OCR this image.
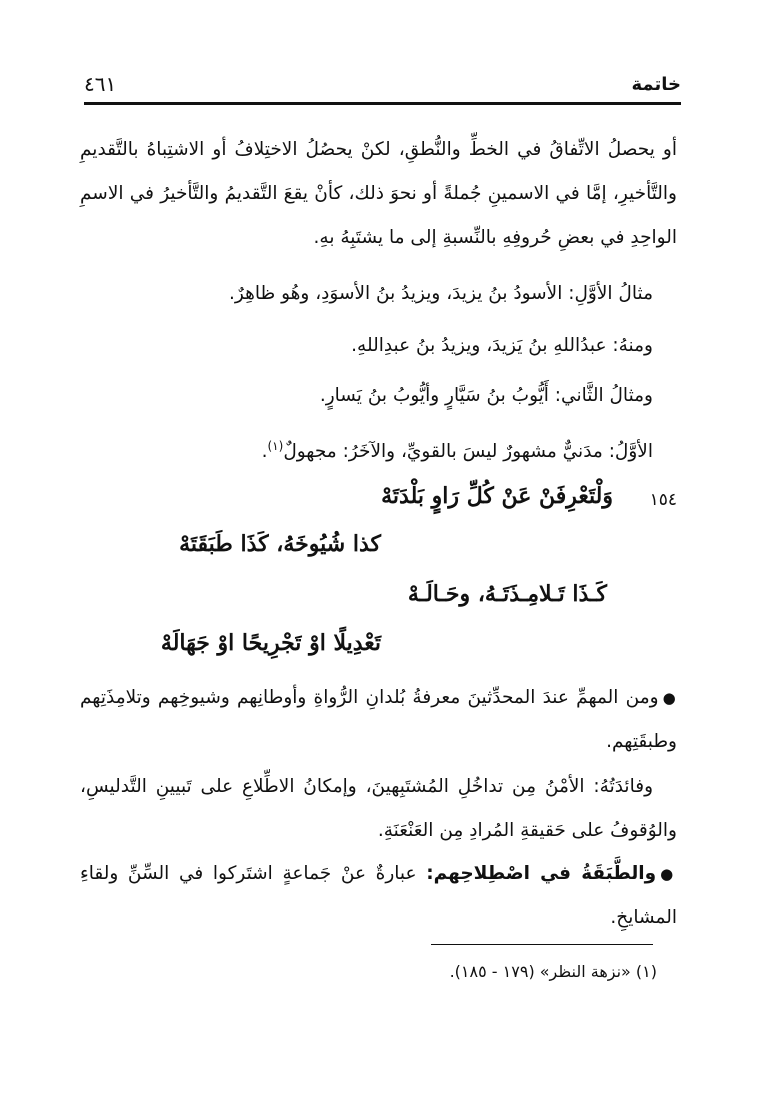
خاتمة
٤٦١

أو يحصلُ الاتِّفاقُ في الخطِّ والنُّطقِ، لكنْ يحصُلُ الاختِلافُ أو الاشتِباهُ بالتَّقديمِ والتَّأخيرِ، إمَّا في الاسمينِ جُملةً أو نحوَ ذلك، كأنْ يقعَ التَّقديمُ والتَّأخيرُ في الاسمِ الواحِدِ في بعضِ حُروفِهِ بالنِّسبةِ إلى ما يشتَبِهُ بهِ.

مثالُ الأوَّلِ: الأسودُ بنُ يزيدَ، ويزيدُ بنُ الأسوَدِ، وهُو ظاهِرٌ.

ومنهُ: عبدُاللهِ بنُ يَزيدَ، ويزيدُ بنُ عبدِاللهِ.

ومثالُ الثَّاني: أَيُّوبُ بنُ سَيَّارٍ وأيُّوبُ بنُ يَسارٍ.

الأوَّلُ: مدَنيٌّ مشهورٌ ليسَ بالقويِّ، والآخَرُ: مجهولٌ$^{(١)}$.

١٥٤
وَلْتَعْرِفَنْ عَنْ كُلِّ رَاوٍ بَلْدَتَهْ
كذا شُيُوخَهُ، كَذَا طَبَقَتَهْ
كَـذَا تَـلامِـذَتَـهُ، وحَـالَـهْ
تَعْدِيلًا اوْ تَجْرِيحًا اوْ جَهَالَهْ

●ومن المهمِّ عندَ المحدِّثينَ معرفةُ بُلدانِ الرُّواةِ وأوطانِهم وشيوخِهم وتلامِذَتِهم وطبقَتِهم.

وفائدَتُهُ: الأمْنُ مِن تداخُلِ المُشتَبِهينَ، وإمكانُ الاطِّلاعِ على تَبيينِ التَّدليسِ، والوُقوفُ على حَقيقةِ المُرادِ مِن العَنْعَنَةِ.

●والطَّبَقَةُ في اصْطِلاحِهم: عبارةٌ عنْ جَماعةٍ اشتَركوا في السِّنِّ ولقاءِ المشايخِ.

(١) «نزهة النظر» (١٧٩ - ١٨٥).
